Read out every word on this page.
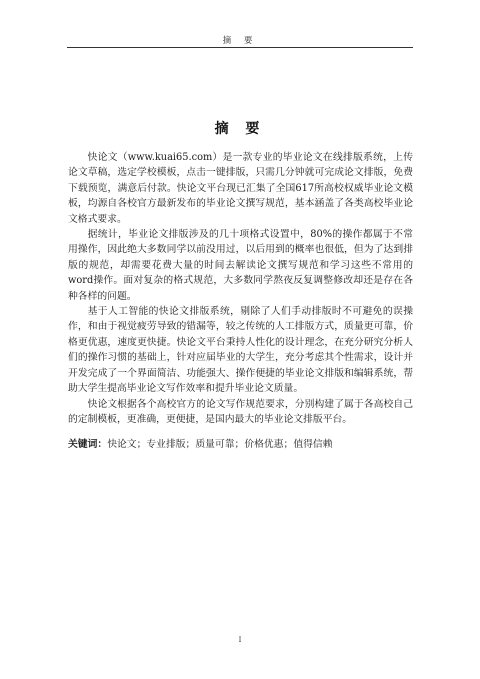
摘 要
摘 要

快论文（www.kuai65.com）是一款专业的毕业论文在线排版系统，上传论文草稿，选定学校模板，点击一键排版，只需几分钟就可完成论文排版，免费下载预览，满意后付款。快论文平台现已汇集了全国617所高校权威毕业论文模板，均源自各校官方最新发布的毕业论文撰写规范，基本涵盖了各类高校毕业论文格式要求。

据统计，毕业论文排版涉及的几十项格式设置中，80%的操作都属于不常用操作，因此绝大多数同学以前没用过，以后用到的概率也很低，但为了达到排版的规范，却需要花费大量的时间去解读论文撰写规范和学习这些不常用的word操作。面对复杂的格式规范，大多数同学熬夜反复调整修改却还是存在各种各样的问题。

基于人工智能的快论文排版系统，剔除了人们手动排版时不可避免的误操作，和由于视觉疲劳导致的错漏等，较之传统的人工排版方式，质量更可靠，价格更优惠，速度更快捷。快论文平台秉持人性化的设计理念，在充分研究分析人们的操作习惯的基础上，针对应届毕业的大学生，充分考虑其个性需求，设计并开发完成了一个界面简洁、功能强大、操作便捷的毕业论文排版和编辑系统，帮助大学生提高毕业论文写作效率和提升毕业论文质量。

快论文根据各个高校官方的论文写作规范要求，分别构建了属于各高校自己的定制模板，更准确，更便捷，是国内最大的毕业论文排版平台。

关键词：快论文；专业排版；质量可靠；价格优惠；值得信赖

I
